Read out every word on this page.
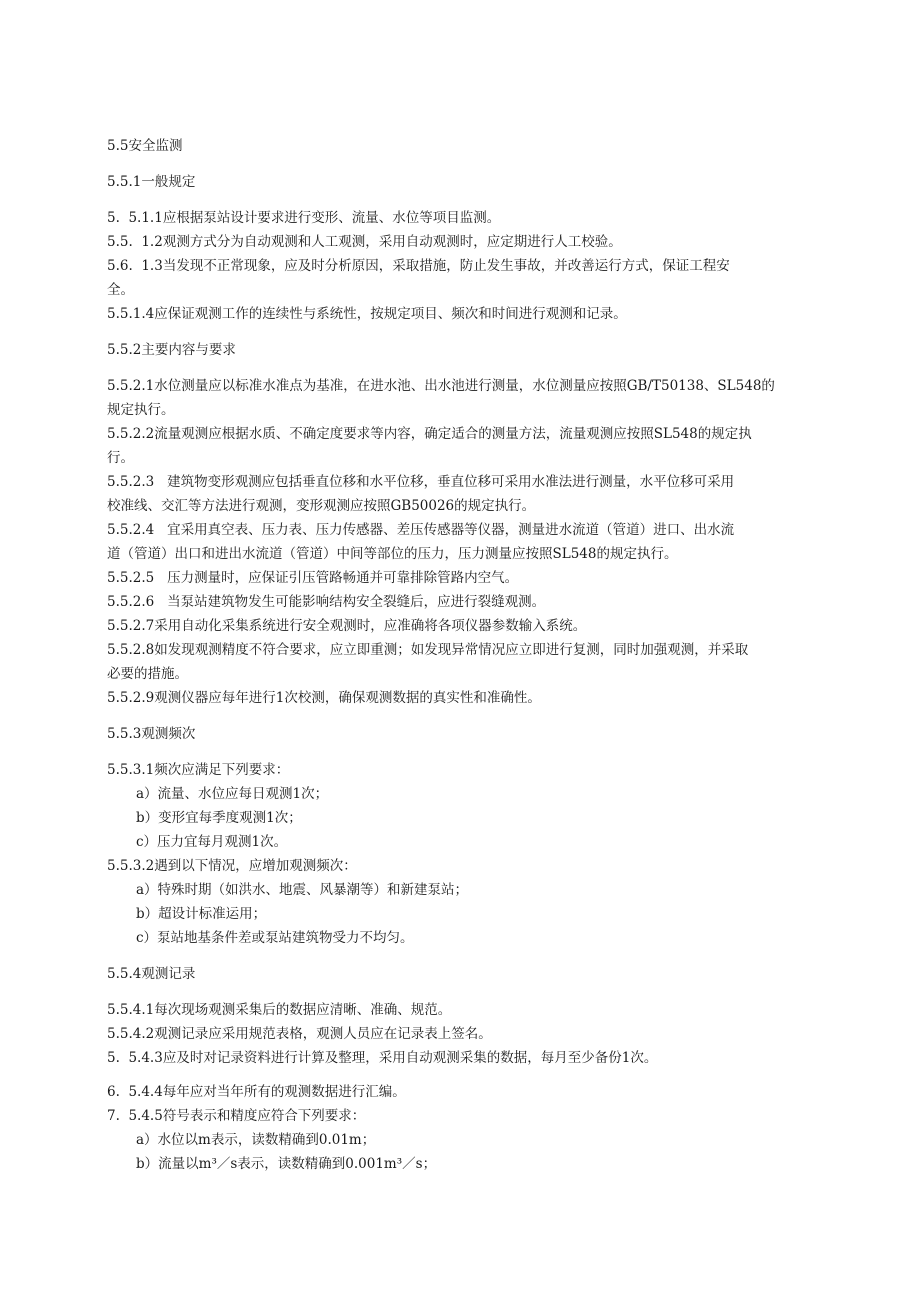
5.5安全监测

5.5.1一般规定

5.  5.1.1应根据泵站设计要求进行变形、流量、水位等项目监测。

5.5.  1.2观测方式分为自动观测和人工观测，采用自动观测时，应定期进行人工校验。

5.6.  1.3当发现不正常现象，应及时分析原因，采取措施，防止发生事故，并改善运行方式，保证工程安

全。

5.5.1.4应保证观测工作的连续性与系统性，按规定项目、频次和时间进行观测和记录。

5.5.2主要内容与要求

5.5.2.1水位测量应以标准水准点为基准，在进水池、出水池进行测量，水位测量应按照GB/T50138、SL548的

规定执行。

5.5.2.2流量观测应根据水质、不确定度要求等内容，确定适合的测量方法，流量观测应按照SL548的规定执

行。

5.5.2.3   建筑物变形观测应包括垂直位移和水平位移，垂直位移可采用水准法进行测量，水平位移可采用

校准线、交汇等方法进行观测，变形观测应按照GB50026的规定执行。

5.5.2.4   宜采用真空表、压力表、压力传感器、差压传感器等仪器，测量进水流道（管道）进口、出水流

道（管道）出口和进出水流道（管道）中间等部位的压力，压力测量应按照SL548的规定执行。

5.5.2.5   压力测量时，应保证引压管路畅通并可靠排除管路内空气。

5.5.2.6   当泵站建筑物发生可能影响结构安全裂缝后，应进行裂缝观测。

5.5.2.7采用自动化采集系统进行安全观测时，应准确将各项仪器参数输入系统。

5.5.2.8如发现观测精度不符合要求，应立即重测；如发现异常情况应立即进行复测，同时加强观测，并采取

必要的措施。

5.5.2.9观测仪器应每年进行1次校测，确保观测数据的真实性和准确性。

5.5.3观测频次

5.5.3.1频次应满足下列要求：

a）流量、水位应每日观测1次；

b）变形宜每季度观测1次；

c）压力宜每月观测1次。

5.5.3.2遇到以下情况，应增加观测频次：

a）特殊时期（如洪水、地震、风暴潮等）和新建泵站；

b）超设计标准运用；

c）泵站地基条件差或泵站建筑物受力不均匀。

5.5.4观测记录

5.5.4.1每次现场观测采集后的数据应清晰、准确、规范。

5.5.4.2观测记录应采用规范表格，观测人员应在记录表上签名。

5.  5.4.3应及时对记录资料进行计算及整理，采用自动观测采集的数据，每月至少备份1次。

6.  5.4.4每年应对当年所有的观测数据进行汇编。

7.  5.4.5符号表示和精度应符合下列要求：

a）水位以m表示，读数精确到0.01m；

b）流量以m³／s表示，读数精确到0.001m³／s；
